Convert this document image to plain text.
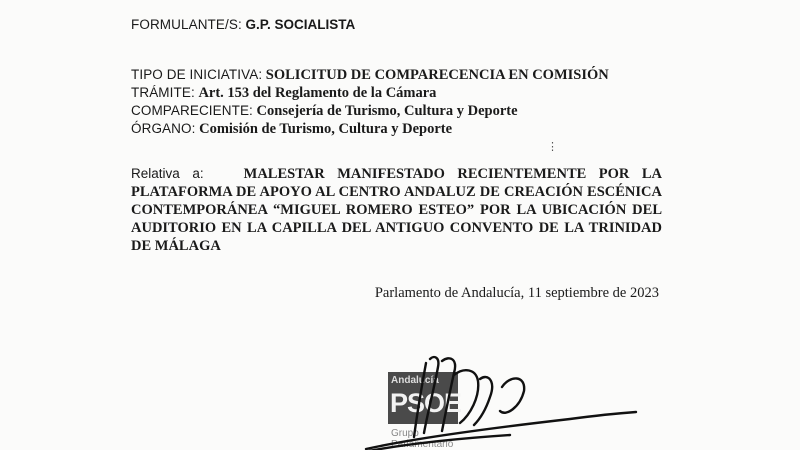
FORMULANTE/S: G.P. SOCIALISTA
TIPO DE INICIATIVA: SOLICITUD DE COMPARECENCIA EN COMISIÓN
TRÁMITE: Art. 153 del Reglamento de la Cámara
COMPARECIENTE: Consejería de Turismo, Cultura y Deporte
ÓRGANO: Comisión de Turismo, Cultura y Deporte
⋮
Relativa a:	MALESTAR MANIFESTADO RECIENTEMENTE POR LA PLATAFORMA DE APOYO AL CENTRO ANDALUZ DE CREACIÓN ESCÉNICA CONTEMPORÁNEA “MIGUEL ROMERO ESTEO” POR LA UBICACIÓN DEL AUDITORIO EN LA CAPILLA DEL ANTIGUO CONVENTO DE LA TRINIDAD DE MÁLAGA
Parlamento de Andalucía, 11 septiembre de 2023
Andalucía
PSOE
Grupo Parlamentario
